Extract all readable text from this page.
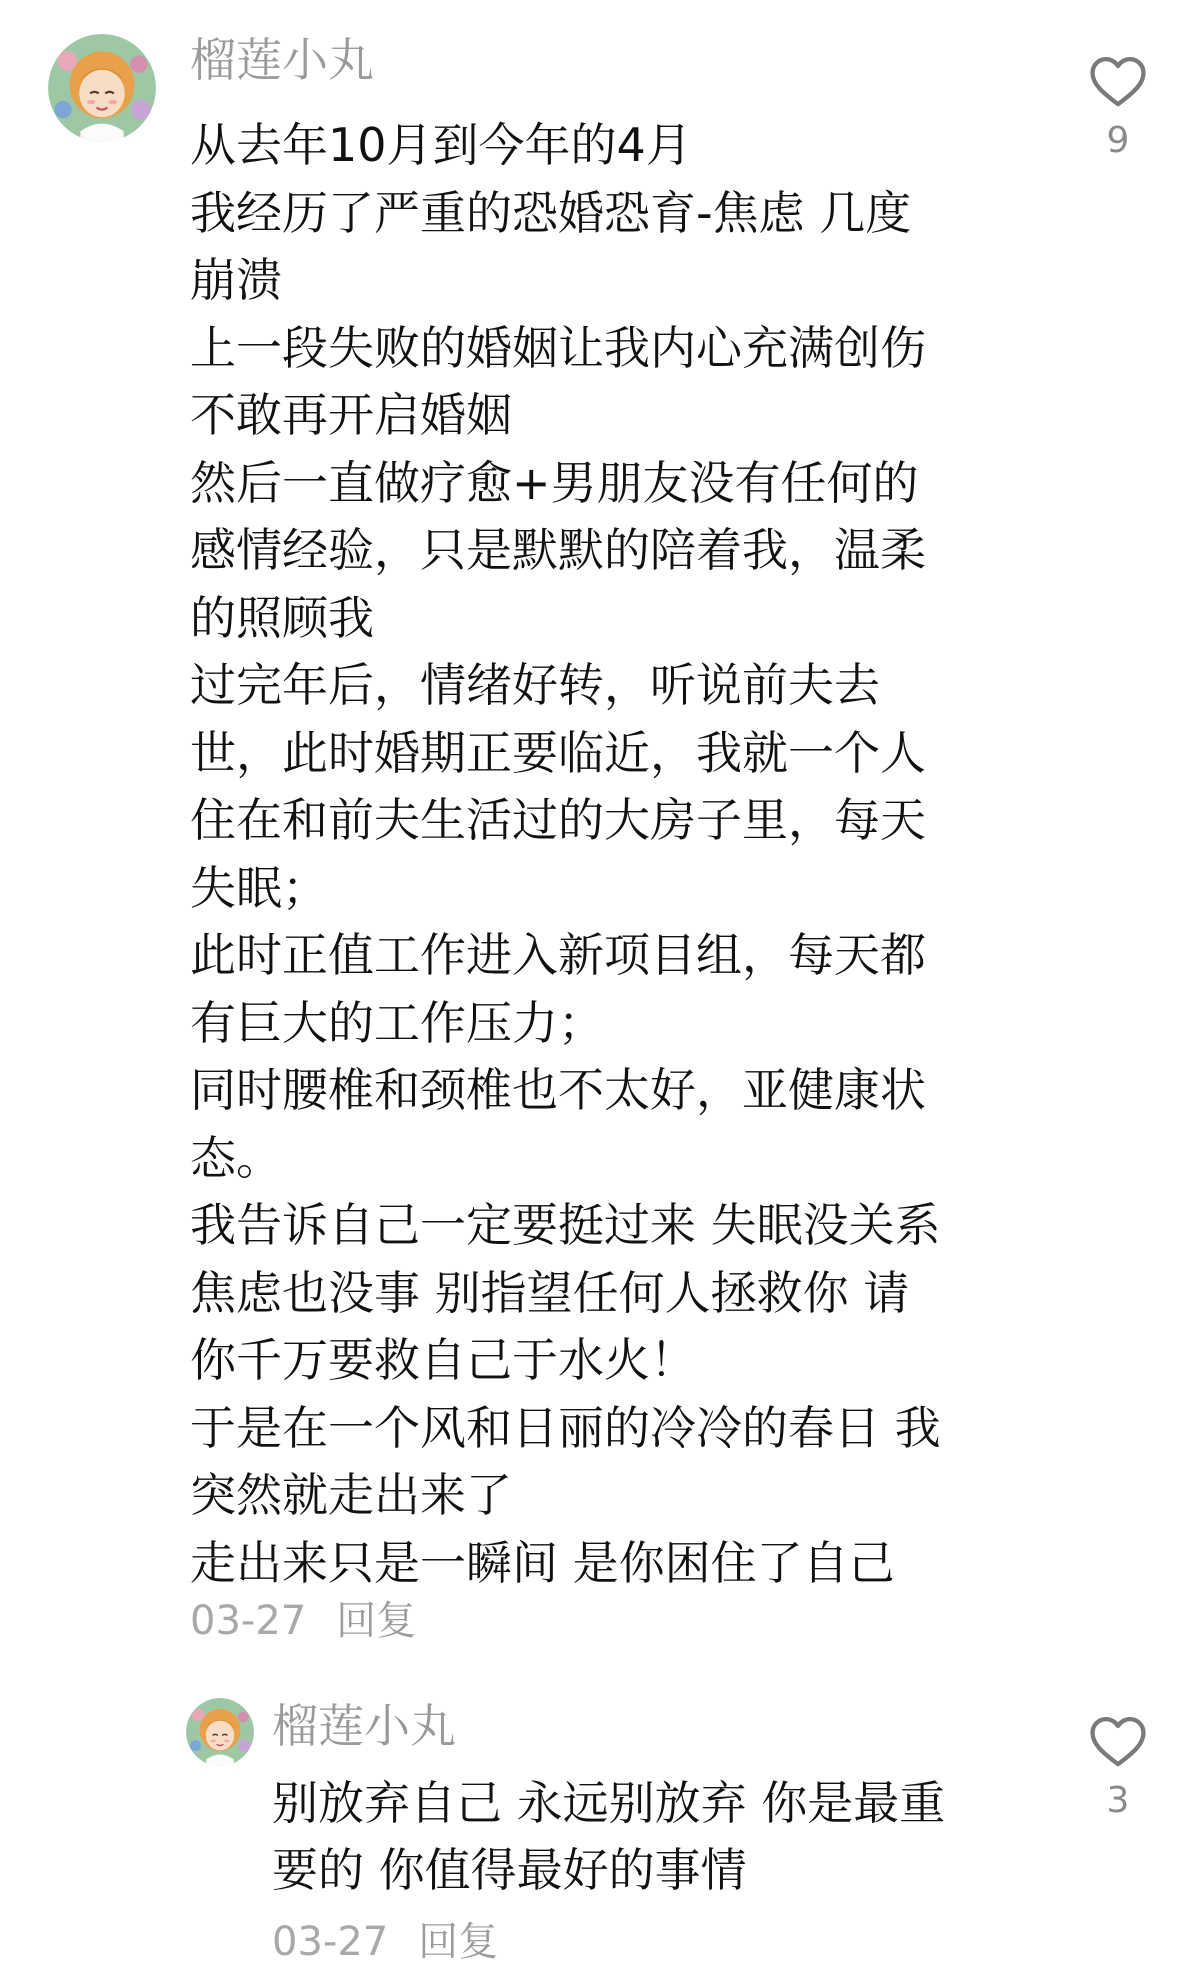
榴莲小丸
从去年10月到今年的4月
我经历了严重的恐婚恐育-焦虑 几度
崩溃
上一段失败的婚姻让我内心充满创伤
不敢再开启婚姻
然后一直做疗愈+男朋友没有任何的
感情经验，只是默默的陪着我，温柔
的照顾我
过完年后，情绪好转，听说前夫去
世，此时婚期正要临近，我就一个人
住在和前夫生活过的大房子里，每天
失眠；
此时正值工作进入新项目组，每天都
有巨大的工作压力；
同时腰椎和颈椎也不太好，亚健康状
态。
我告诉自己一定要挺过来 失眠没关系
焦虑也没事 别指望任何人拯救你 请
你千万要救自己于水火！
于是在一个风和日丽的冷冷的春日 我
突然就走出来了
走出来只是一瞬间 是你困住了自己
03-27 回复
9
榴莲小丸
别放弃自己 永远别放弃 你是最重
要的 你值得最好的事情
03-27 回复
3
